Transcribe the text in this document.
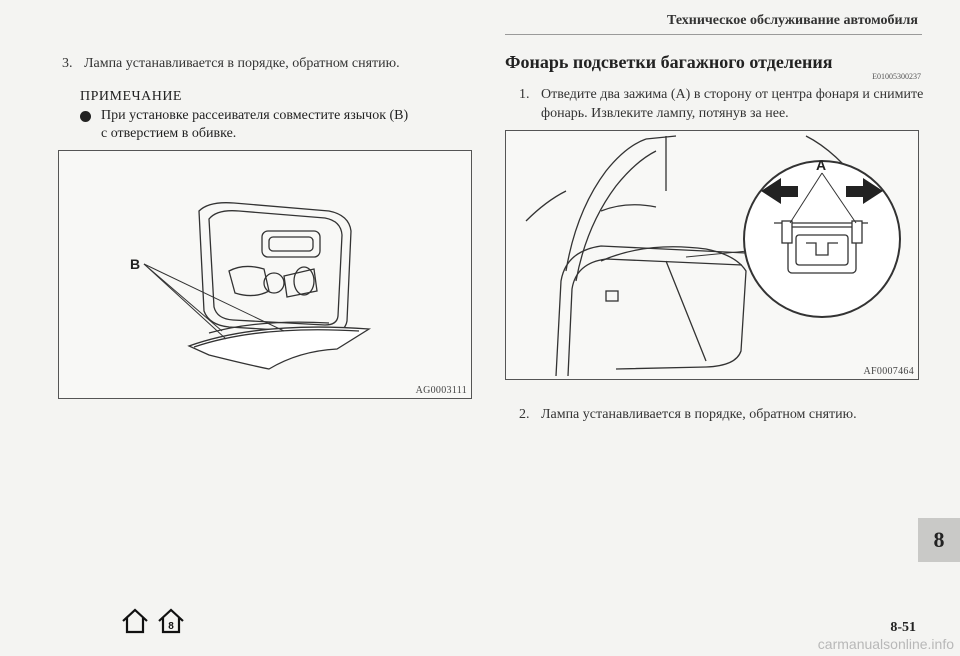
Техническое обслуживание автомобиля
3. Лампа устанавливается в порядке, обратном снятию.
ПРИМЕЧАНИЕ
При установке рассеивателя совместите язычок (B)
с отверстием в обивке.
B
AG0003111
Фонарь подсветки багажного отделения
E01005300237
1. Отведите два зажима (A) в сторону от центра фонаря и снимите
фонарь. Извлеките лампу, потянув за нее.
A
AF0007464
2. Лампа устанавливается в порядке, обратном снятию.
8
8-51
8
carmanualsonline.info
